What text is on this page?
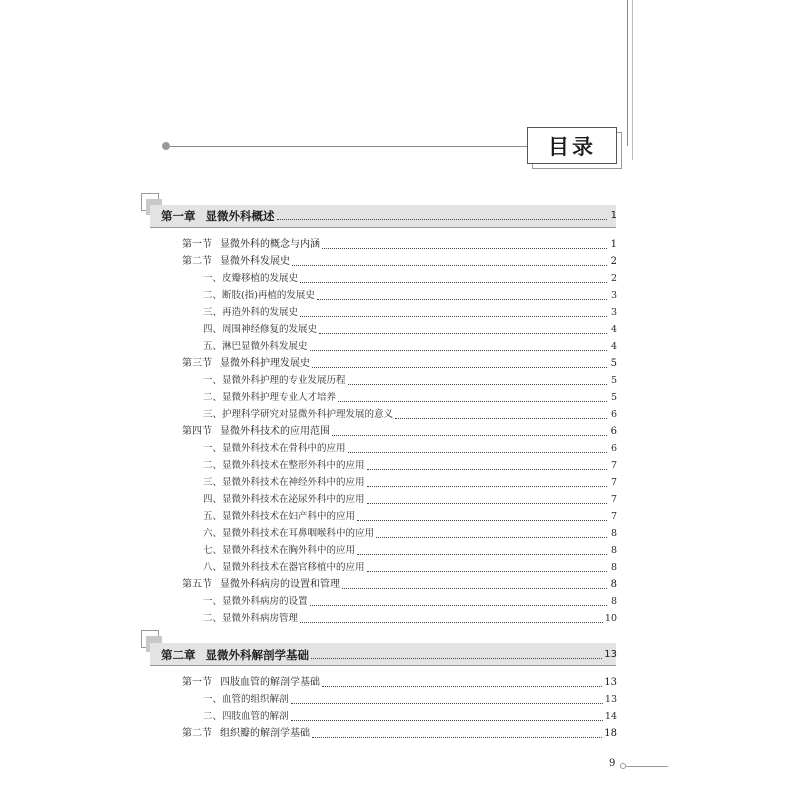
目录
第一章 显微外科概述	1
第一节 显微外科的概念与内涵	1
第二节 显微外科发展史	2
一、皮瓣移植的发展史	2
二、断肢(指)再植的发展史	3
三、再造外科的发展史	3
四、周围神经修复的发展史	4
五、淋巴显微外科发展史	4
第三节 显微外科护理发展史	5
一、显微外科护理的专业发展历程	5
二、显微外科护理专业人才培养	5
三、护理科学研究对显微外科护理发展的意义	6
第四节 显微外科技术的应用范围	6
一、显微外科技术在骨科中的应用	6
二、显微外科技术在整形外科中的应用	7
三、显微外科技术在神经外科中的应用	7
四、显微外科技术在泌尿外科中的应用	7
五、显微外科技术在妇产科中的应用	7
六、显微外科技术在耳鼻咽喉科中的应用	8
七、显微外科技术在胸外科中的应用	8
八、显微外科技术在器官移植中的应用	8
第五节 显微外科病房的设置和管理	8
一、显微外科病房的设置	8
二、显微外科病房管理	10
第二章 显微外科解剖学基础	13
第一节 四肢血管的解剖学基础	13
一、血管的组织解剖	13
二、四肢血管的解剖	14
第二节 组织瓣的解剖学基础	18
9
